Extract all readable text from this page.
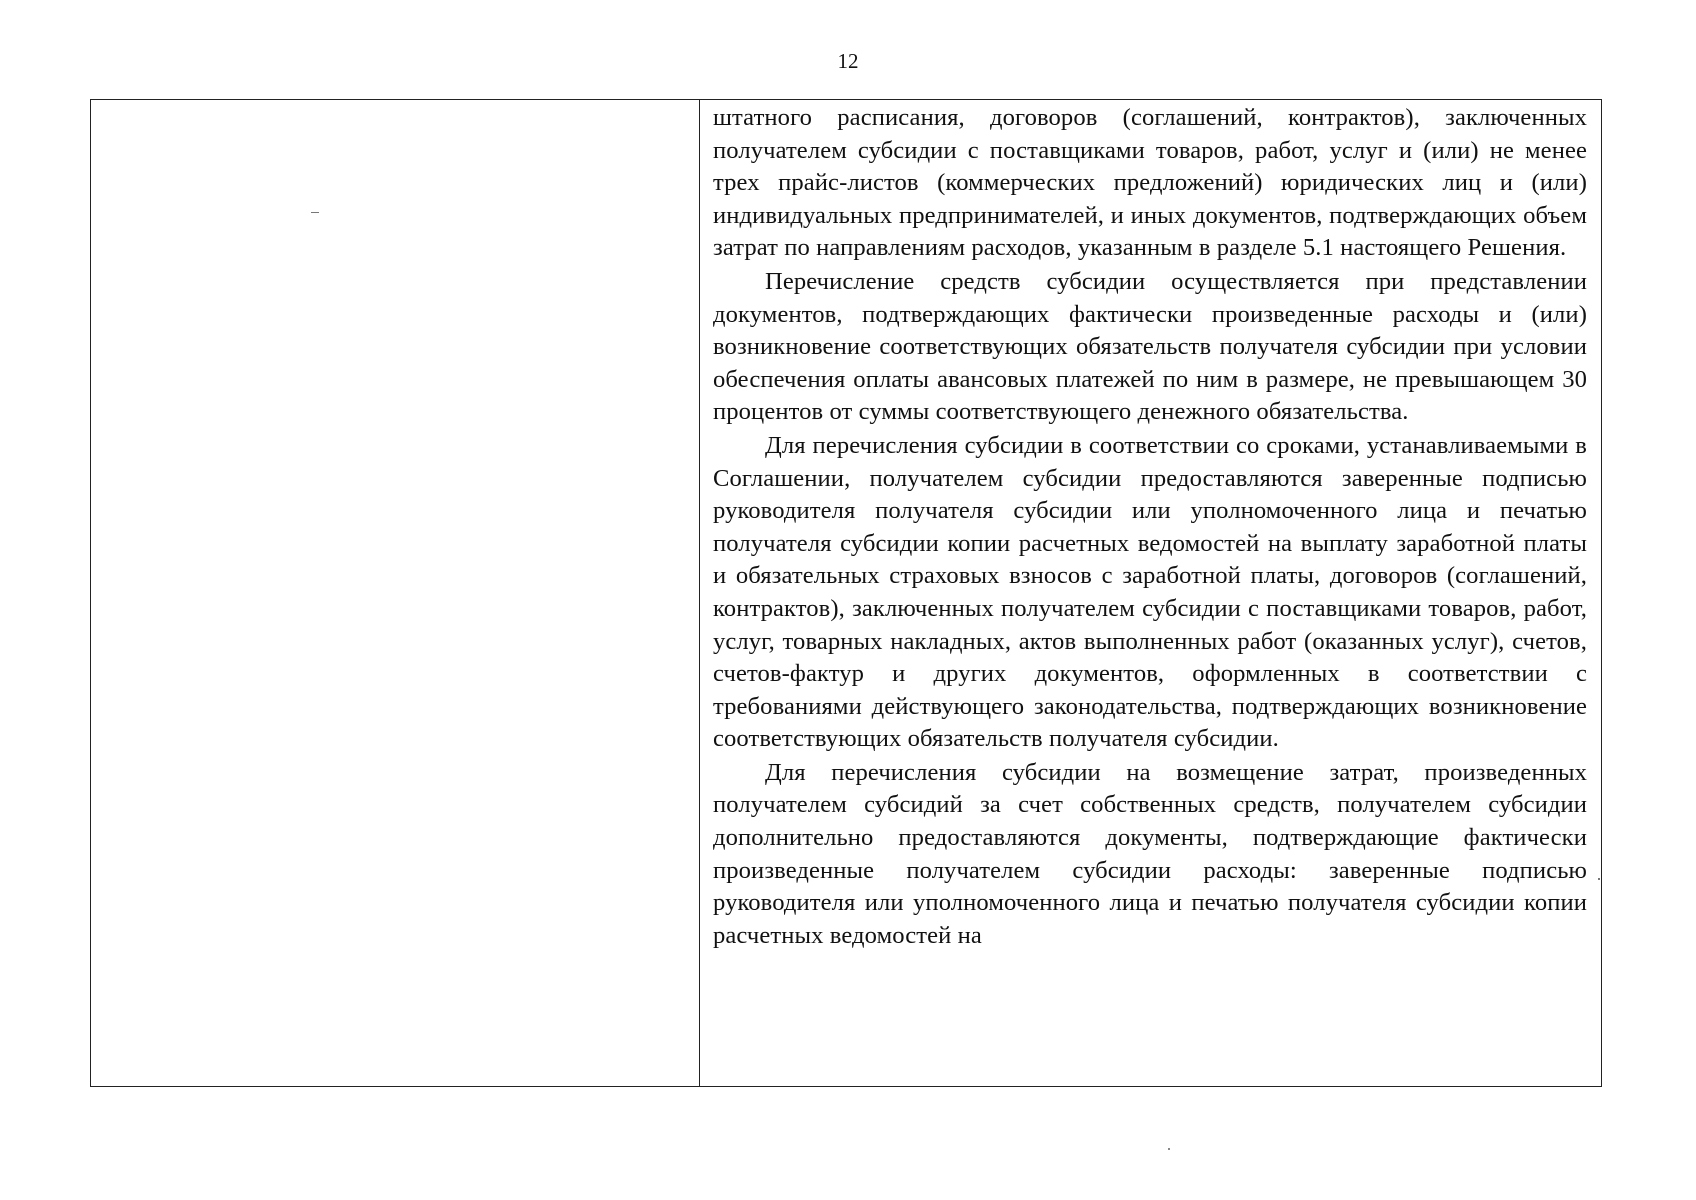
12

штатного расписания, договоров (соглашений, контрактов), заключенных получателем субсидии с поставщиками товаров, работ, услуг и (или) не менее трех прайс-листов (коммерческих предложений) юридических лиц и (или) индивидуальных предпринимателей, и иных документов, подтверждающих объем затрат по направлениям расходов, указанным в разделе 5.1 настоящего Решения.

Перечисление средств субсидии осуществляется при представлении документов, подтверждающих фактически произведенные расходы и (или) возникновение соответствующих обязательств получателя субсидии при условии обеспечения оплаты авансовых платежей по ним в размере, не превышающем 30 процентов от суммы соответствующего денежного обязательства.

Для перечисления субсидии в соответствии со сроками, устанавливаемыми в Соглашении, получателем субсидии предоставляются заверенные подписью руководителя получателя субсидии или уполномоченного лица и печатью получателя субсидии копии расчетных ведомостей на выплату заработной платы и обязательных страховых взносов с заработной платы, договоров (соглашений, контрактов), заключенных получателем субсидии с поставщиками товаров, работ, услуг, товарных накладных, актов выполненных работ (оказанных услуг), счетов, счетов-фактур и других документов, оформленных в соответствии с требованиями действующего законодательства, подтверждающих возникновение соответствующих обязательств получателя субсидии.

Для перечисления субсидии на возмещение затрат, произведенных получателем субсидий за счет собственных средств, получателем субсидии дополнительно предоставляются документы, подтверждающие фактически произведенные получателем субсидии расходы: заверенные подписью руководителя или уполномоченного лица и печатью получателя субсидии копии расчетных ведомостей на
